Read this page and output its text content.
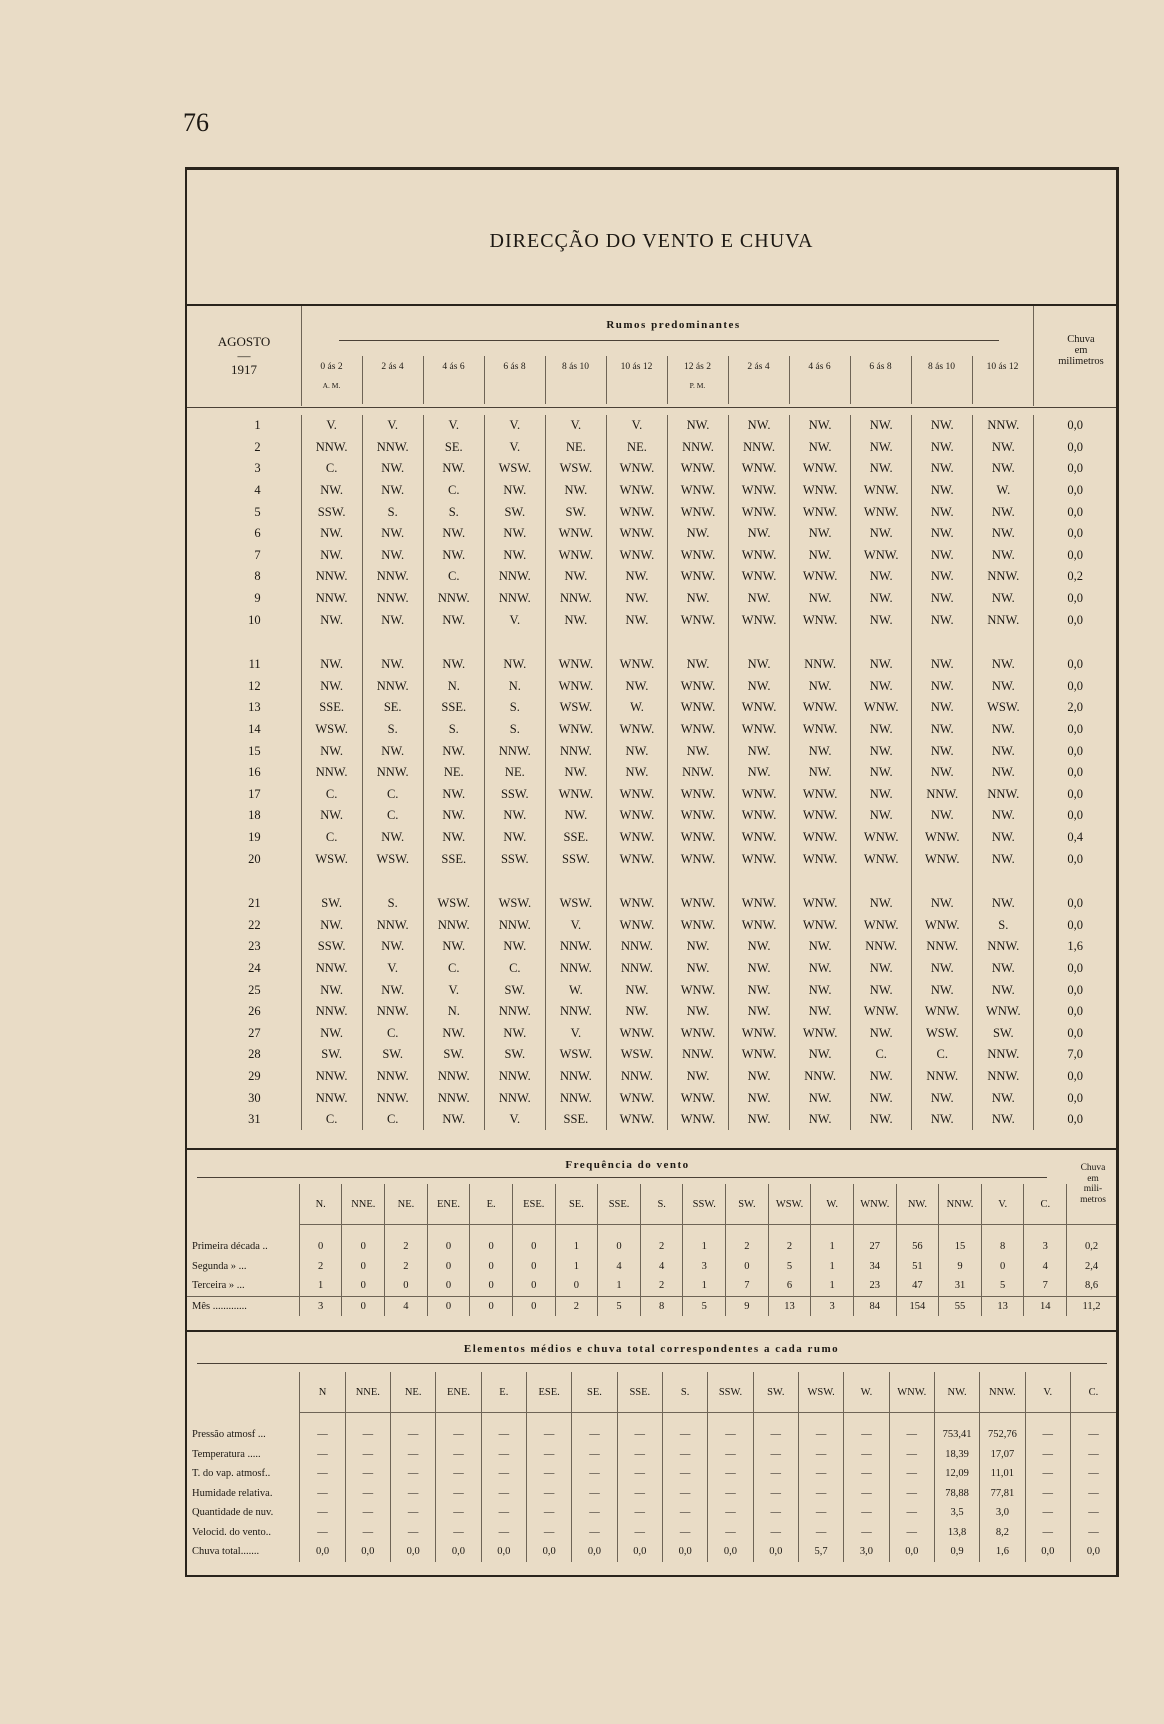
76
DIRECÇÃO DO VENTO E CHUVA
AGOSTO
—
1917
Rumos predominantes
Chuva
em
milimetros
0 ás 2	2 ás 4	4 ás 6	6 ás 8	8 ás 10	10 ás 12	12 ás 2	2 ás 4	4 ás 6	6 ás 8	8 ás 10	10 ás 12
A. M.	P. M.
1	V.	V.	V.	V.	V.	V.	NW.	NW.	NW.	NW.	NW.	NNW.	0,0
2	NNW.	NNW.	SE.	V.	NE.	NE.	NNW.	NNW.	NW.	NW.	NW.	NW.	0,0
3	C.	NW.	NW.	WSW.	WSW.	WNW.	WNW.	WNW.	WNW.	NW.	NW.	NW.	0,0
4	NW.	NW.	C.	NW.	NW.	WNW.	WNW.	WNW.	WNW.	WNW.	NW.	W.	0,0
5	SSW.	S.	S.	SW.	SW.	WNW.	WNW.	WNW.	WNW.	WNW.	NW.	NW.	0,0
6	NW.	NW.	NW.	NW.	WNW.	WNW.	NW.	NW.	NW.	NW.	NW.	NW.	0,0
7	NW.	NW.	NW.	NW.	WNW.	WNW.	WNW.	WNW.	NW.	WNW.	NW.	NW.	0,0
8	NNW.	NNW.	C.	NNW.	NW.	NW.	WNW.	WNW.	WNW.	NW.	NW.	NNW.	0,2
9	NNW.	NNW.	NNW.	NNW.	NNW.	NW.	NW.	NW.	NW.	NW.	NW.	NW.	0,0
10	NW.	NW.	NW.	V.	NW.	NW.	WNW.	WNW.	WNW.	NW.	NW.	NNW.	0,0

11	NW.	NW.	NW.	NW.	WNW.	WNW.	NW.	NW.	NNW.	NW.	NW.	NW.	0,0
12	NW.	NNW.	N.	N.	WNW.	NW.	WNW.	NW.	NW.	NW.	NW.	NW.	0,0
13	SSE.	SE.	SSE.	S.	WSW.	W.	WNW.	WNW.	WNW.	WNW.	NW.	WSW.	2,0
14	WSW.	S.	S.	S.	WNW.	WNW.	WNW.	WNW.	WNW.	NW.	NW.	NW.	0,0
15	NW.	NW.	NW.	NNW.	NNW.	NW.	NW.	NW.	NW.	NW.	NW.	NW.	0,0
16	NNW.	NNW.	NE.	NE.	NW.	NW.	NNW.	NW.	NW.	NW.	NW.	NW.	0,0
17	C.	C.	NW.	SSW.	WNW.	WNW.	WNW.	WNW.	WNW.	NW.	NNW.	NNW.	0,0
18	NW.	C.	NW.	NW.	NW.	WNW.	WNW.	WNW.	WNW.	NW.	NW.	NW.	0,0
19	C.	NW.	NW.	NW.	SSE.	WNW.	WNW.	WNW.	WNW.	WNW.	WNW.	NW.	0,4
20	WSW.	WSW.	SSE.	SSW.	SSW.	WNW.	WNW.	WNW.	WNW.	WNW.	WNW.	NW.	0,0

21	SW.	S.	WSW.	WSW.	WSW.	WNW.	WNW.	WNW.	WNW.	NW.	NW.	NW.	0,0
22	NW.	NNW.	NNW.	NNW.	V.	WNW.	WNW.	WNW.	WNW.	WNW.	WNW.	S.	0,0
23	SSW.	NW.	NW.	NW.	NNW.	NNW.	NW.	NW.	NW.	NNW.	NNW.	NNW.	1,6
24	NNW.	V.	C.	C.	NNW.	NNW.	NW.	NW.	NW.	NW.	NW.	NW.	0,0
25	NW.	NW.	V.	SW.	W.	NW.	WNW.	NW.	NW.	NW.	NW.	NW.	0,0
26	NNW.	NNW.	N.	NNW.	NNW.	NW.	NW.	NW.	NW.	WNW.	WNW.	WNW.	0,0
27	NW.	C.	NW.	NW.	V.	WNW.	WNW.	WNW.	WNW.	NW.	WSW.	SW.	0,0
28	SW.	SW.	SW.	SW.	WSW.	WSW.	NNW.	WNW.	NW.	C.	C.	NNW.	7,0
29	NNW.	NNW.	NNW.	NNW.	NNW.	NNW.	NW.	NW.	NNW.	NW.	NNW.	NNW.	0,0
30	NNW.	NNW.	NNW.	NNW.	NNW.	WNW.	WNW.	NW.	NW.	NW.	NW.	NW.	0,0
31	C.	C.	NW.	V.	SSE.	WNW.	WNW.	NW.	NW.	NW.	NW.	NW.	0,0
Frequência do vento	Chuva
em
mili-
metros
	N.	NNE.	NE.	ENE.	E.	ESE.	SE.	SSE.	S.	SSW.	SW.	WSW.	W.	WNW.	NW.	NNW.	V.	C.	

Primeira década ..	0	0	2	0	0	0	1	0	2	1	2	2	1	27	56	15	8	3	0,2
Segunda » ...	2	0	2	0	0	0	1	4	4	3	0	5	1	34	51	9	0	4	2,4
Terceira » ...	1	0	0	0	0	0	0	1	2	1	7	6	1	23	47	31	5	7	8,6
Mês .............	3	0	4	0	0	0	2	5	8	5	9	13	3	84	154	55	13	14	11,2
Elementos médios e chuva total correspondentes a cada rumo
	N	NNE.	NE.	ENE.	E.	ESE.	SE.	SSE.	S.	SSW.	SW.	WSW.	W.	WNW.	NW.	NNW.	V.	C.

Pressão atmosf ...	—	—	—	—	—	—	—	—	—	—	—	—	—	—	753,41	752,76	—	—
Temperatura .....	—	—	—	—	—	—	—	—	—	—	—	—	—	—	18,39	17,07	—	—
T. do vap. atmosf..	—	—	—	—	—	—	—	—	—	—	—	—	—	—	12,09	11,01	—	—
Humidade relativa.	—	—	—	—	—	—	—	—	—	—	—	—	—	—	78,88	77,81	—	—
Quantidade de nuv.	—	—	—	—	—	—	—	—	—	—	—	—	—	—	3,5	3,0	—	—
Velocid. do vento..	—	—	—	—	—	—	—	—	—	—	—	—	—	—	13,8	8,2	—	—
Chuva total.......	0,0	0,0	0,0	0,0	0,0	0,0	0,0	0,0	0,0	0,0	0,0	5,7	3,0	0,0	0,9	1,6	0,0	0,0
